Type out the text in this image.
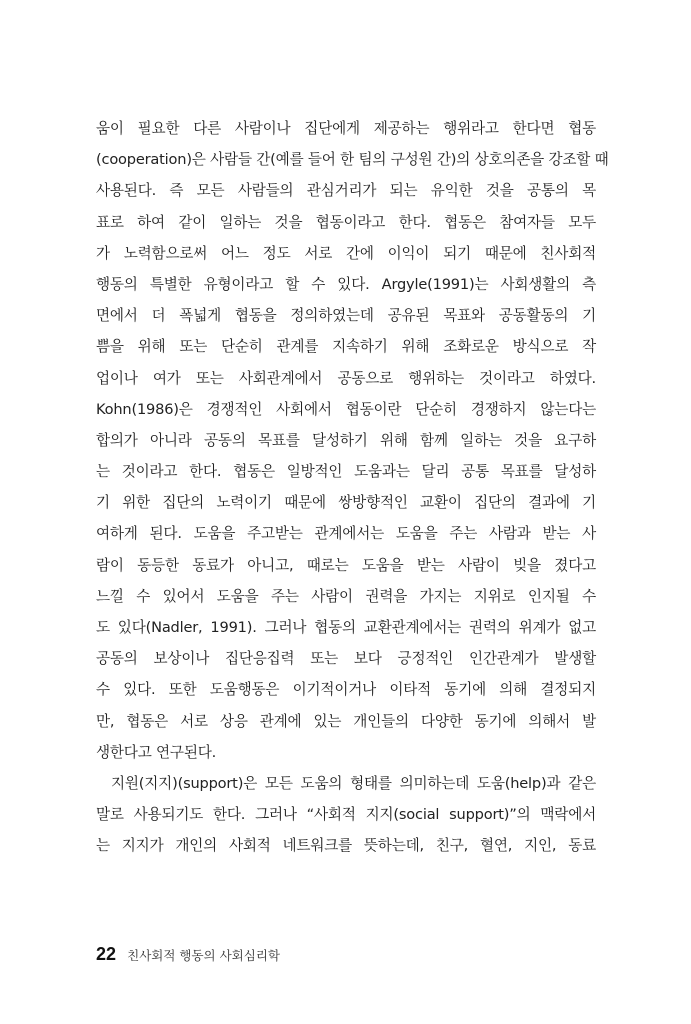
움이 필요한 다른 사람이나 집단에게 제공하는 행위라고 한다면 협동
(cooperation)은 사람들 간(예를 들어 한 팀의 구성원 간)의 상호의존을 강조할 때
사용된다. 즉 모든 사람들의 관심거리가 되는 유익한 것을 공통의 목
표로 하여 같이 일하는 것을 협동이라고 한다. 협동은 참여자들 모두
가 노력함으로써 어느 정도 서로 간에 이익이 되기 때문에 친사회적
행동의 특별한 유형이라고 할 수 있다. Argyle(1991)는 사회생활의 측
면에서 더 폭넓게 협동을 정의하였는데 공유된 목표와 공동활동의 기
쁨을 위해 또는 단순히 관계를 지속하기 위해 조화로운 방식으로 작
업이나 여가 또는 사회관계에서 공동으로 행위하는 것이라고 하였다.
Kohn(1986)은 경쟁적인 사회에서 협동이란 단순히 경쟁하지 않는다는
합의가 아니라 공동의 목표를 달성하기 위해 함께 일하는 것을 요구하
는 것이라고 한다. 협동은 일방적인 도움과는 달리 공통 목표를 달성하
기 위한 집단의 노력이기 때문에 쌍방향적인 교환이 집단의 결과에 기
여하게 된다. 도움을 주고받는 관계에서는 도움을 주는 사람과 받는 사
람이 동등한 동료가 아니고, 때로는 도움을 받는 사람이 빚을 졌다고
느낄 수 있어서 도움을 주는 사람이 권력을 가지는 지위로 인지될 수
도 있다(Nadler, 1991). 그러나 협동의 교환관계에서는 권력의 위계가 없고
공동의 보상이나 집단응집력 또는 보다 긍정적인 인간관계가 발생할
수 있다. 또한 도움행동은 이기적이거나 이타적 동기에 의해 결정되지
만, 협동은 서로 상응 관계에 있는 개인들의 다양한 동기에 의해서 발
생한다고 연구된다.
지원(지지)(support)은 모든 도움의 형태를 의미하는데 도움(help)과 같은
말로 사용되기도 한다. 그러나 “사회적 지지(social support)”의 맥락에서
는 지지가 개인의 사회적 네트워크를 뜻하는데, 친구, 혈연, 지인, 동료
22 친사회적 행동의 사회심리학
